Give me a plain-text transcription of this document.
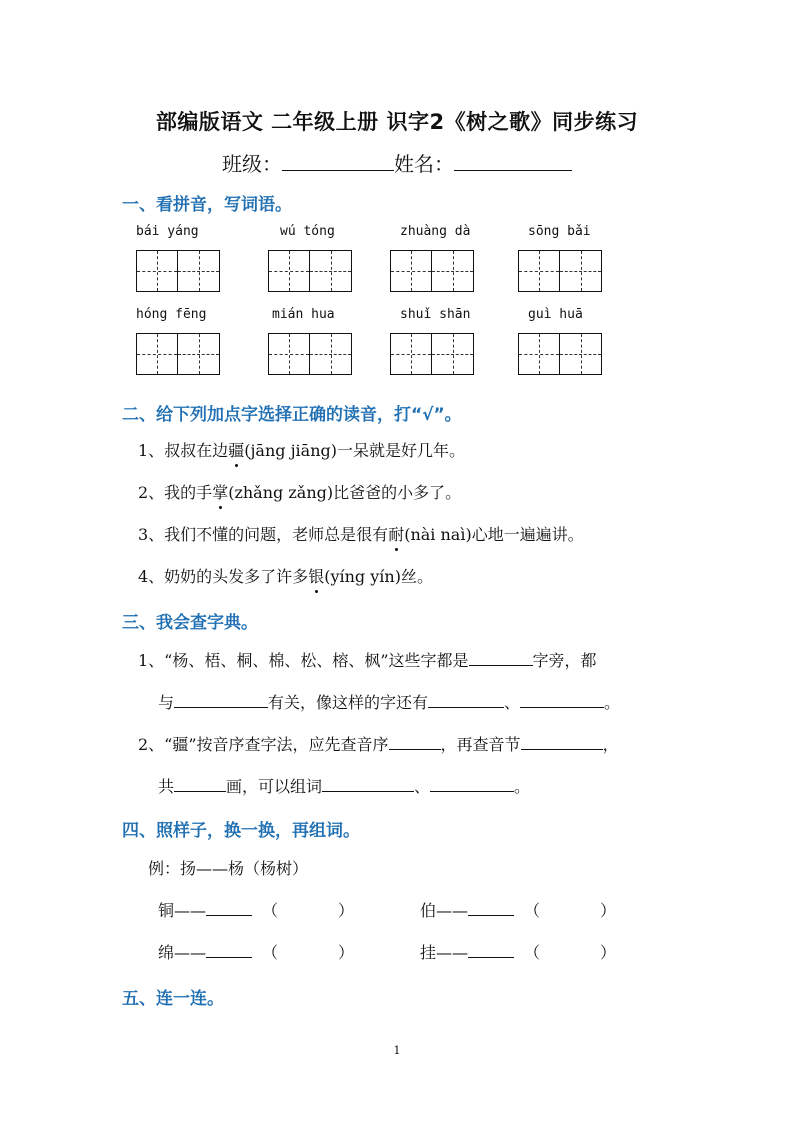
部编版语文 二年级上册 识字2《树之歌》同步练习
班级：	姓名：
一、看拼音，写词语。
bái yáng	wú tóng	zhuàng dà	sōng bǎi
hóng fēng	mián hua	shuǐ shān	guì huā
二、给下列加点字选择正确的读音，打“√”。
1、叔叔在边疆(jāng jiāng)一呆就是好几年。
2、我的手掌(zhǎng zǎng)比爸爸的小多了。
3、我们不懂的问题，老师总是很有耐(nài naì)心地一遍遍讲。
4、奶奶的头发多了许多银(yíng yín)丝。
三、我会查字典。
1、“杨、梧、桐、棉、松、榕、枫”这些字都是	字旁，都
与	有关，像这样的字还有	、	。
2、“疆”按音序查字法，应先查音序	，再查音节	，
共	画，可以组词	、	。
四、照样子，换一换，再组词。
例：扬——杨（杨树）
铜——	（	）	伯——	（	）
绵——	（	）	挂——	（	）
五、连一连。
1
